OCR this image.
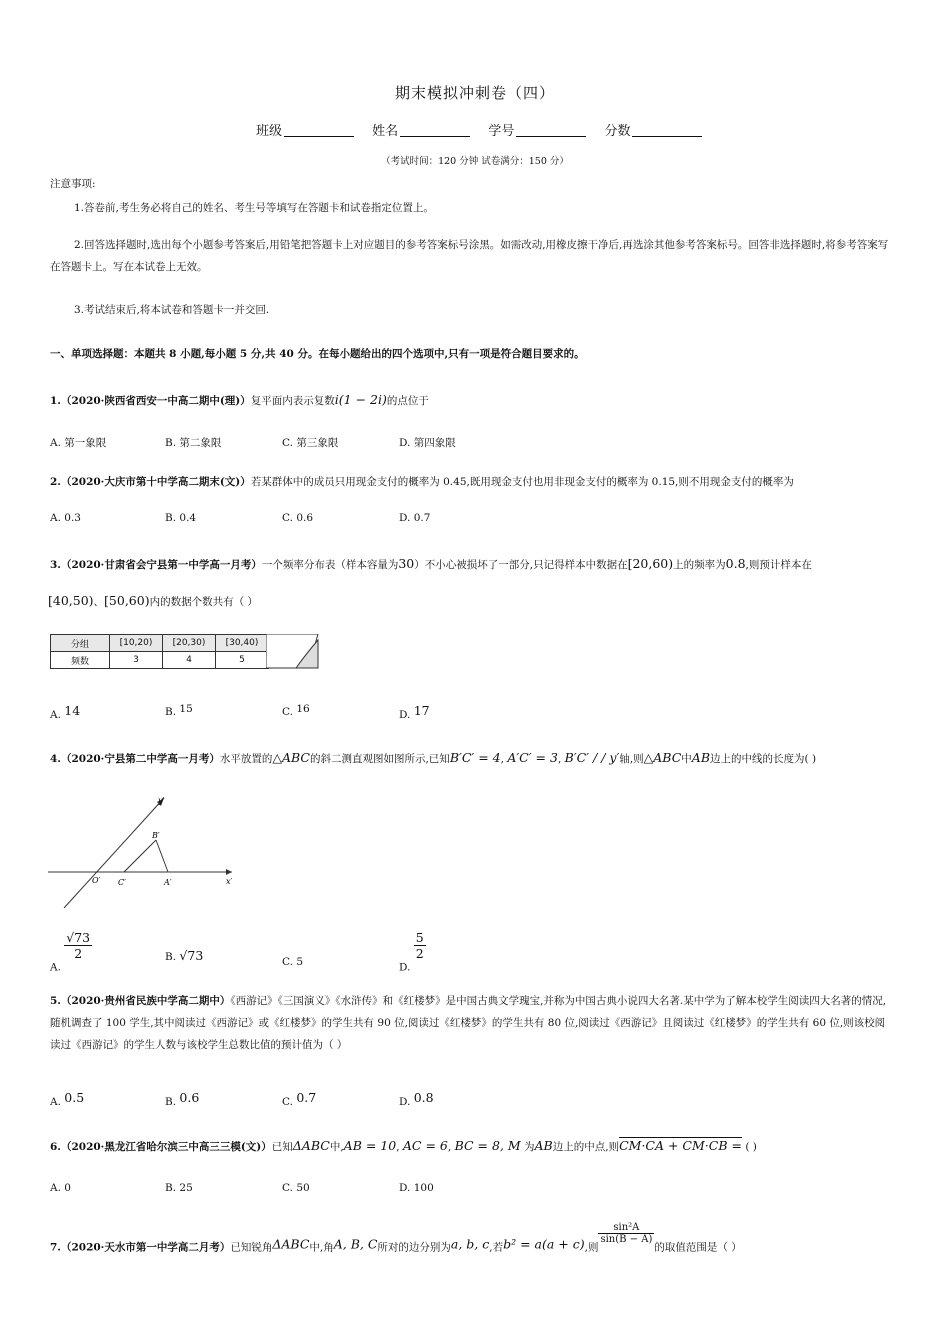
期末模拟冲刺卷（四）
班级	姓名	学号	分数
（考试时间：120 分钟 试卷满分：150 分）
注意事项:
1.答卷前,考生务必将自己的姓名、考生号等填写在答题卡和试卷指定位置上。
2.回答选择题时,选出每个小题参考答案后,用铅笔把答题卡上对应题目的参考答案标号涂黑。如需改动,用橡皮擦干净后,再选涂其他参考答案标号。回答非选择题时,将参考答案写在答题卡上。写在本试卷上无效。
3.考试结束后,将本试卷和答题卡一并交回.
一、单项选择题：本题共 8 小题,每小题 5 分,共 40 分。在每小题给出的四个选项中,只有一项是符合题目要求的。
1.（2020·陕西省西安一中高二期中(理)）复平面内表示复数i(1 − 2i)的点位于
A. 第一象限	B. 第二象限	C. 第三象限	D. 第四象限
2.（2020·大庆市第十中学高二期末(文)）若某群体中的成员只用现金支付的概率为 0.45,既用现金支付也用非现金支付的概率为 0.15,则不用现金支付的概率为
A. 0.3	B. 0.4	C. 0.6	D. 0.7
3.（2020·甘肃省会宁县第一中学高一月考）一个频率分布表（样本容量为30）不小心被损坏了一部分,只记得样本中数据在[20,60)上的频率为0.8,则预计样本在
[40,50)、[50,60)内的数据个数共有（ ）
分组	[10,20)	[20,30)	[30,40)
频数	3	4	5
A. 14	B. 15	C. 16	D. 17
4.（2020·宁县第二中学高一月考）水平放置的△ABC的斜二测直观图如图所示,已知B′C′ = 4, A′C′ = 3, B′C′ / / y′轴,则△ABC中AB边上的中线的长度为( )
y′
x′
O′ C′	A′
B′
A.
$\frac{√73}{2}$	B. √73	C. 5	D.
$\frac{5}{2}$
5.（2020·贵州省民族中学高二期中）《西游记》《三国演义》《水浒传》和《红楼梦》是中国古典文学瑰宝,并称为中国古典小说四大名著.某中学为了解本校学生阅读四大名著的情况,随机调查了 100 学生,其中阅读过《西游记》或《红楼梦》的学生共有 90 位,阅读过《红楼梦》的学生共有 80 位,阅读过《西游记》且阅读过《红楼梦》的学生共有 60 位,则该校阅读过《西游记》的学生人数与该校学生总数比值的预计值为（ ）
A. 0.5	B. 0.6	C. 0.7	D. 0.8
6.（2020·黑龙江省哈尔滨三中高三三模(文)）已知ΔABC中,AB = 10, AC = 6, BC = 8, M 为AB边上的中点,则CM·CA + CM·CB = ( )
A. 0	B. 25	C. 50	D. 100
7.（2020·天水市第一中学高二月考）已知锐角ΔABC中,角A, B, C所对的边分别为a, b, c,若b² = a(a + c),则
$\frac{\text{sin²A}}{\sin(B - A)}$
的取值范围是（ ）
